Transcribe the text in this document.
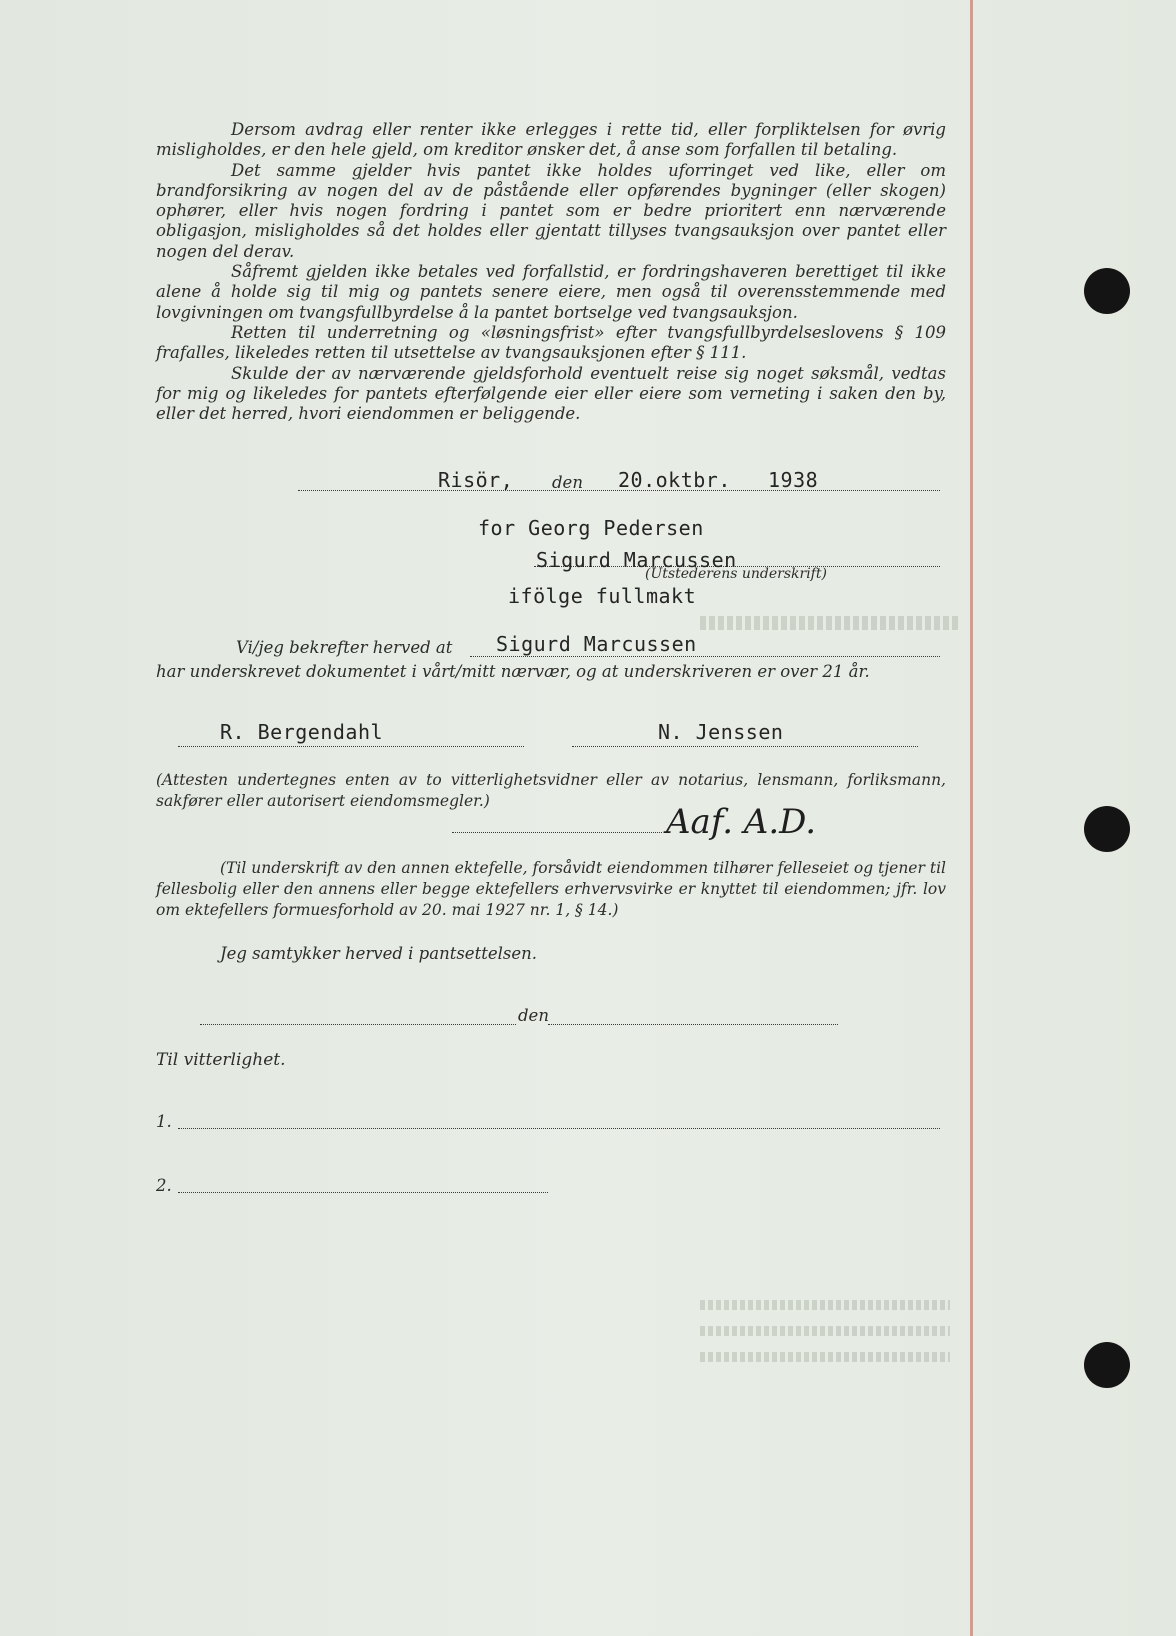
Dersom avdrag eller renter ikke erlegges i rette tid, eller forpliktelsen for øvrig misligholdes, er den hele gjeld, om kreditor ønsker det, å anse som forfallen til betaling.

Det samme gjelder hvis pantet ikke holdes uforringet ved like, eller om brandforsikring av nogen del av de påstående eller opførendes bygninger (eller skogen) ophører, eller hvis nogen fordring i pantet som er bedre prioritert enn nærværende obligasjon, misligholdes så det holdes eller gjentatt tillyses tvangsauksjon over pantet eller nogen del derav.

Såfremt gjelden ikke betales ved forfallstid, er fordringshaveren berettiget til ikke alene å holde sig til mig og pantets senere eiere, men også til overensstemmende med lovgivningen om tvangsfullbyrdelse å la pantet bortselge ved tvangsauksjon.

Retten til underretning og «løsningsfrist» efter tvangsfullbyrdelseslovens § 109 frafalles, likeledes retten til utsettelse av tvangsauksjonen efter § 111.

Skulde der av nærværende gjeldsforhold eventuelt reise sig noget søksmål, vedtas for mig og likeledes for pantets efterfølgende eier eller eiere som verneting i saken den by, eller det herred, hvori eiendommen er beliggende.

Risör, den 20.oktbr. 1938
for Georg Pedersen
Sigurd Marcussen
(Utstederens underskrift)
ifölge fullmakt
Vi/jeg bekrefter herved at Sigurd Marcussen
har underskrevet dokumentet i vårt/mitt nærvær, og at underskriveren er over 21 år.
R. Bergendahl	N. Jenssen
(Attesten undertegnes enten av to vitterlighetsvidner eller av notarius, lensmann, forliksmann, sakfører eller autorisert eiendomsmegler.)
Aaf. A.D.
(Til underskrift av den annen ektefelle, forsåvidt eiendommen tilhører felleseiet og tjener til fellesbolig eller den annens eller begge ektefellers erhvervsvirke er knyttet til eiendommen; jfr. lov om ektefellers formuesforhold av 20. mai 1927 nr. 1, § 14.)
Jeg samtykker herved i pantsettelsen.
den
Til vitterlighet.
1.
2.
